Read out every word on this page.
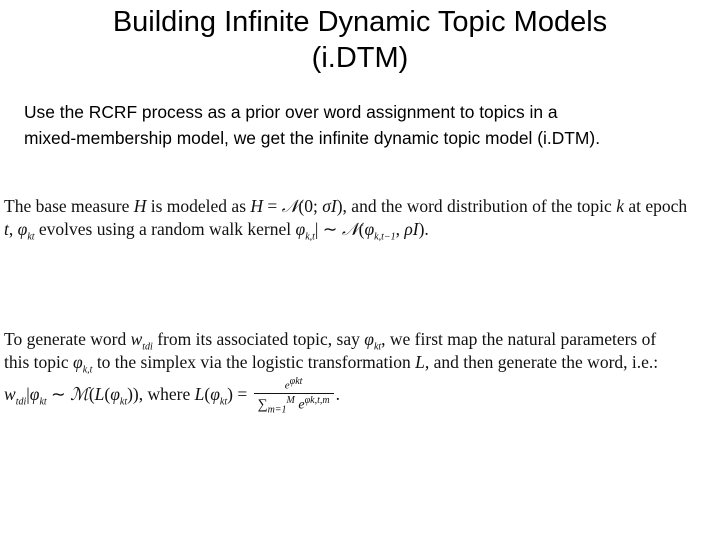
Building Infinite Dynamic Topic Models
(i.DTM)
Use the RCRF process as a prior over word assignment to topics in a
mixed-membership model, we get the infinite dynamic topic model (i.DTM).
The base measure H is modeled as H = 𝒩(0; σI), and the word distribution of the topic k at epoch
t, $\varphi_{kt}$ evolves using a random walk kernel $\varphi_{k,t}|$ ∼ $𝒩(\varphi_{k,t-1}$, ρI).
To generate word $w_{tdi}$ from its associated topic, say $\varphi_{kt}$, we first map the natural parameters of
this topic $\varphi_{k,t}$ to the simplex via the logistic transformation L, and then generate the word, i.e.:
$w_{tdi}|\varphi_{kt}$ ∼ $ℳ(L(\varphi_{kt}))$, where $L(\varphi_{kt}) = \frac{e^{\varphi kt}}{\sum_{m=1}^M e^{\varphi k,t,m}}$ .
